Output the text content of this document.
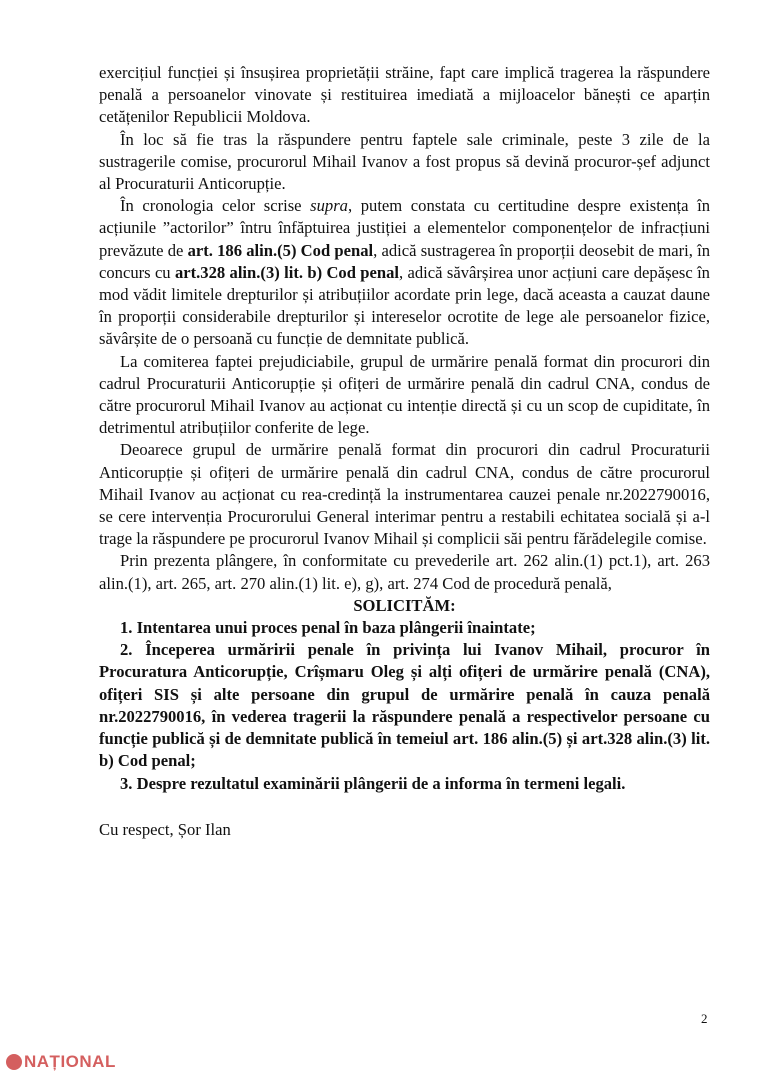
exercițiul funcției și însușirea proprietății străine, fapt care implică tragerea la răspundere penală a persoanelor vinovate și restituirea imediată a mijloacelor bănești ce aparțin cetățenilor Republicii Moldova.

În loc să fie tras la răspundere pentru faptele sale criminale, peste 3 zile de la sustragerile comise, procurorul Mihail Ivanov a fost propus să devină procuror-șef adjunct al Procuraturii Anticorupție.

În cronologia celor scrise supra, putem constata cu certitudine despre existența în acțiunile ”actorilor” întru înfăptuirea justiției a elementelor componențelor de infracțiuni prevăzute de art. 186 alin.(5) Cod penal, adică sustragerea în proporții deosebit de mari, în concurs cu art.328 alin.(3) lit. b) Cod penal, adică săvârșirea unor acțiuni care depășesc în mod vădit limitele drepturilor și atribuțiilor acordate prin lege, dacă aceasta a cauzat daune în proporții considerabile drepturilor și intereselor ocrotite de lege ale persoanelor fizice, săvârșite de o persoană cu funcție de demnitate publică.

La comiterea faptei prejudiciabile, grupul de urmărire penală format din procurori din cadrul Procuraturii Anticorupție și ofițeri de urmărire penală din cadrul CNA, condus de către procurorul Mihail Ivanov au acționat cu intenție directă și cu un scop de cupiditate, în detrimentul atribuțiilor conferite de lege.

Deoarece grupul de urmărire penală format din procurori din cadrul Procuraturii Anticorupție și ofițeri de urmărire penală din cadrul CNA, condus de către procurorul Mihail Ivanov au acționat cu rea-credință la instrumentarea cauzei penale nr.2022790016, se cere intervenția Procurorului General interimar pentru a restabili echitatea socială și a-l trage la răspundere pe procurorul Ivanov Mihail și complicii săi pentru fărădelegile comise.

Prin prezenta plângere, în conformitate cu prevederile art. 262 alin.(1) pct.1), art. 263 alin.(1), art. 265, art. 270 alin.(1) lit. e), g), art. 274 Cod de procedură penală,

SOLICITĂM:

1. Intentarea unui proces penal în baza plângerii înaintate;

2. Începerea urmăririi penale în privința lui Ivanov Mihail, procuror în Procuratura Anticorupție, Crîșmaru Oleg și alți ofițeri de urmărire penală (CNA), ofițeri SIS și alte persoane din grupul de urmărire penală în cauza penală nr.2022790016, în vederea tragerii la răspundere penală a respectivelor persoane cu funcție publică și de demnitate publică în temeiul art. 186 alin.(5) și art.328 alin.(3) lit. b) Cod penal;

3. Despre rezultatul examinării plângerii de a informa în termeni legali.

Cu respect, Șor Ilan

2
NAȚIONAL
